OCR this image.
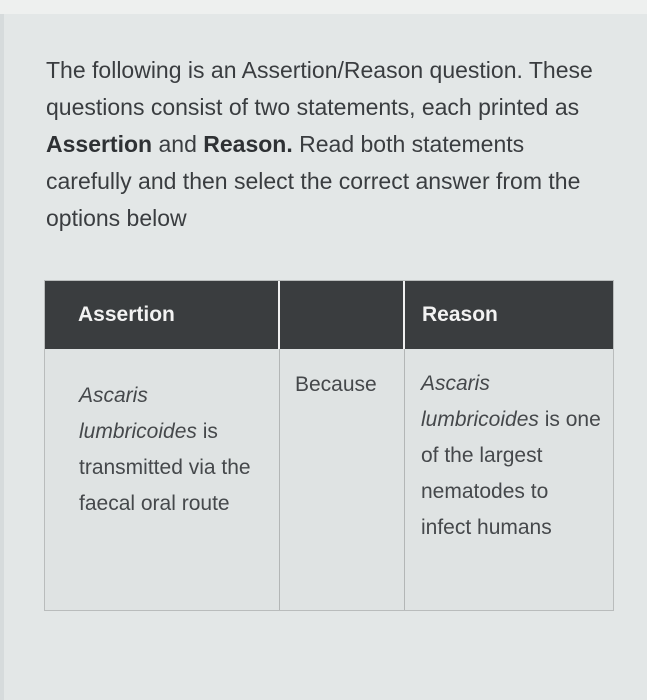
The following is an Assertion/Reason question. These questions consist of two statements, each printed as Assertion and Reason. Read both statements carefully and then select the correct answer from the options below
Assertion	Reason
Ascaris lumbricoides is transmitted via the faecal oral route
Because Ascaris lumbricoides is one of the largest nematodes to infect humans
